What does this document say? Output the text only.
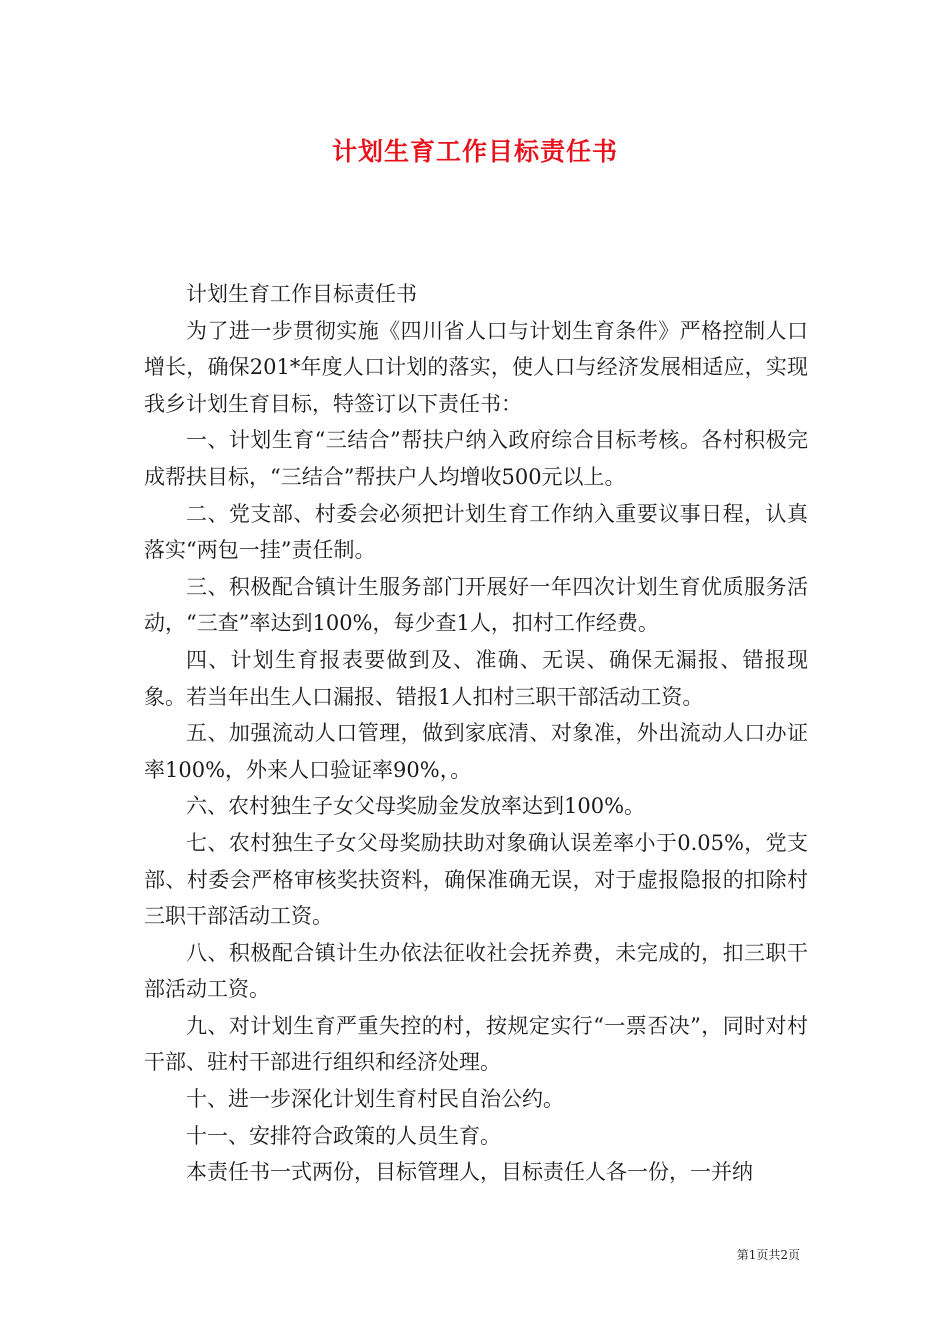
计划生育工作目标责任书

计划生育工作目标责任书

为了进一步贯彻实施《四川省人口与计划生育条件》严格控制人口增长，确保201*年度人口计划的落实，使人口与经济发展相适应，实现我乡计划生育目标，特签订以下责任书：

一、计划生育“三结合”帮扶户纳入政府综合目标考核。各村积极完成帮扶目标，“三结合”帮扶户人均增收500元以上。

二、党支部、村委会必须把计划生育工作纳入重要议事日程，认真落实“两包一挂”责任制。

三、积极配合镇计生服务部门开展好一年四次计划生育优质服务活动，“三查”率达到100%，每少查1人，扣村工作经费。

四、计划生育报表要做到及、准确、无误、确保无漏报、错报现象。若当年出生人口漏报、错报1人扣村三职干部活动工资。

五、加强流动人口管理，做到家底清、对象准，外出流动人口办证率100%，外来人口验证率90%，。

六、农村独生子女父母奖励金发放率达到100%。

七、农村独生子女父母奖励扶助对象确认误差率小于0.05%，党支部、村委会严格审核奖扶资料，确保准确无误，对于虚报隐报的扣除村三职干部活动工资。

八、积极配合镇计生办依法征收社会抚养费，未完成的，扣三职干部活动工资。

九、对计划生育严重失控的村，按规定实行“一票否决”，同时对村干部、驻村干部进行组织和经济处理。

十、进一步深化计划生育村民自治公约。

十一、安排符合政策的人员生育。

本责任书一式两份，目标管理人，目标责任人各一份，一并纳

第1页共2页
